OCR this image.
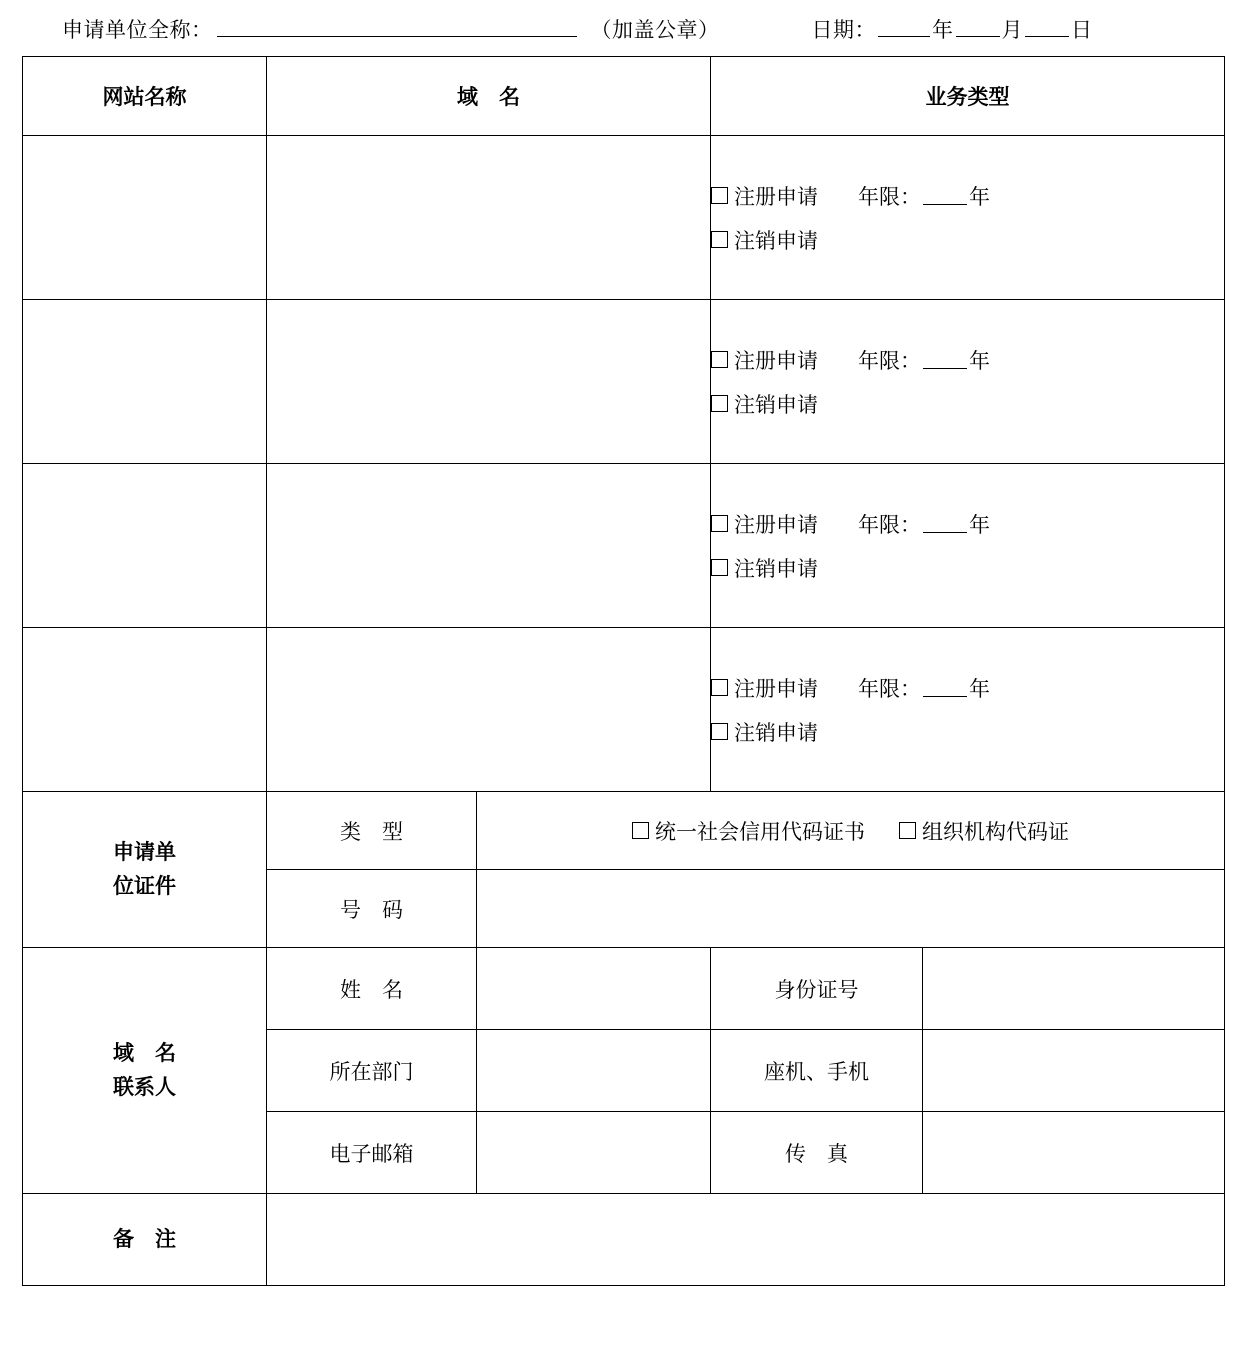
申请单位全称：	（加盖公章）	日期：	年 月 日
网站名称	域　名		业务类型	

			注册申请 年限： 年
注销申请	

			注册申请 年限： 年
注销申请	

			注册申请 年限： 年
注销申请	

			注册申请 年限： 年
注销申请	

申请单
位证件
	类　型	统一社会信用代码证书	组织机构代码证

	号　码			

域　名
联系人	姓　名		身份证号	
	所在部门		座机、手机	
	电子邮箱		传　真	
备　注				
